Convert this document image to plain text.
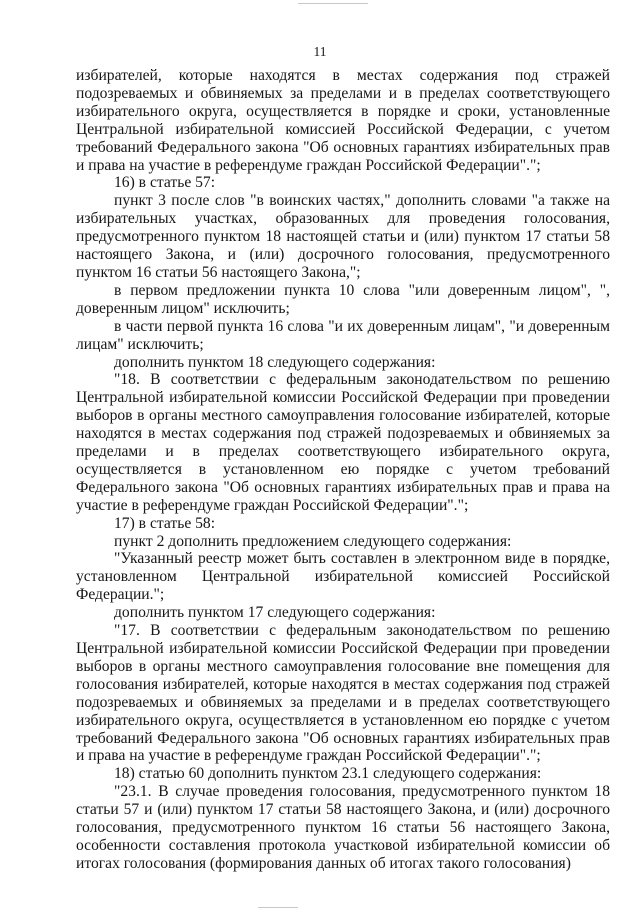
11

избирателей, которые находятся в местах содержания под стражей подозреваемых и обвиняемых за пределами и в пределах соответствующего избирательного округа, осуществляется в порядке и сроки, установленные Центральной избирательной комиссией Российской Федерации, с учетом требований Федерального закона "Об основных гарантиях избирательных прав и права на участие в референдуме граждан Российской Федерации".";

16) в статье 57:

пункт 3 после слов "в воинских частях," дополнить словами "а также на избирательных участках, образованных для проведения голосования, предусмотренного пунктом 18 настоящей статьи и (или) пунктом 17 статьи 58 настоящего Закона, и (или) досрочного голосования, предусмотренного пунктом 16 статьи 56 настоящего Закона,";

в первом предложении пункта 10 слова "или доверенным лицом", ", доверенным лицом" исключить;

в части первой пункта 16 слова "и их доверенным лицам", "и доверенным лицам" исключить;

дополнить пунктом 18 следующего содержания:

"18. В соответствии с федеральным законодательством по решению Центральной избирательной комиссии Российской Федерации при проведении выборов в органы местного самоуправления голосование избирателей, которые находятся в местах содержания под стражей подозреваемых и обвиняемых за пределами и в пределах соответствующего избирательного округа, осуществляется в установленном ею порядке с учетом требований Федерального закона "Об основных гарантиях избирательных прав и права на участие в референдуме граждан Российской Федерации".";

17) в статье 58:

пункт 2 дополнить предложением следующего содержания:

"Указанный реестр может быть составлен в электронном виде в порядке, установленном Центральной избирательной комиссией Российской Федерации.";

дополнить пунктом 17 следующего содержания:

"17. В соответствии с федеральным законодательством по решению Центральной избирательной комиссии Российской Федерации при проведении выборов в органы местного самоуправления голосование вне помещения для голосования избирателей, которые находятся в местах содержания под стражей подозреваемых и обвиняемых за пределами и в пределах соответствующего избирательного округа, осуществляется в установленном ею порядке с учетом требований Федерального закона "Об основных гарантиях избирательных прав и права на участие в референдуме граждан Российской Федерации".";

18) статью 60 дополнить пунктом 23.1 следующего содержания:

"23.1. В случае проведения голосования, предусмотренного пунктом 18 статьи 57 и (или) пунктом 17 статьи 58 настоящего Закона, и (или) досрочного голосования, предусмотренного пунктом 16 статьи 56 настоящего Закона, особенности составления протокола участковой избирательной комиссии об итогах голосования (формирования данных об итогах такого голосования)
